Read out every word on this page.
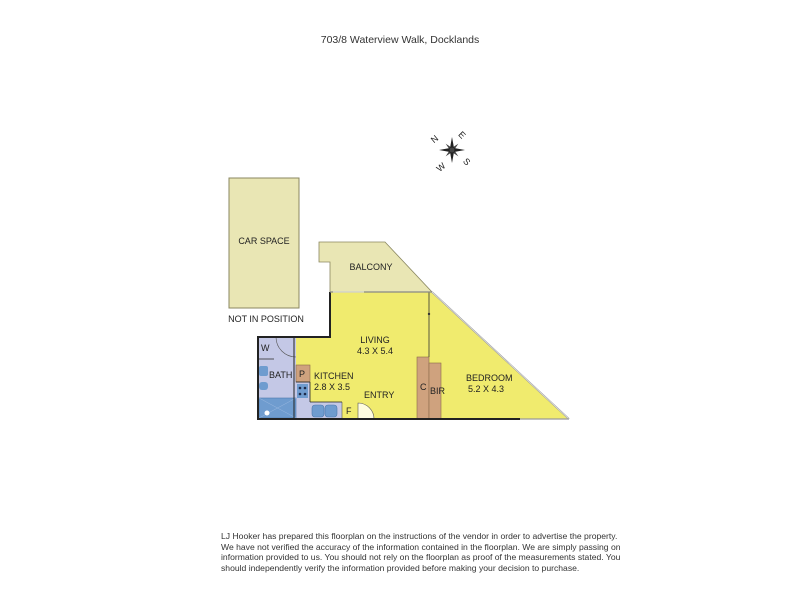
703/8 Waterview Walk, Docklands
N E
S
W
CAR SPACE
NOT IN POSITION
BALCONY
W
BATH P
F
C BIR
LIVING
4.3 X 5.4
KITCHEN
2.8 X 3.5
ENTRY
BEDROOM
5.2 X 4.3
LJ Hooker has prepared this floorplan on the instructions of the vendor in order to advertise the property. We have not verified the accuracy of the information contained in the floorplan. We are simply passing on information provided to us. You should not rely on the floorplan as proof of the measurements stated. You should independently verify the information provided before making your decision to purchase.
